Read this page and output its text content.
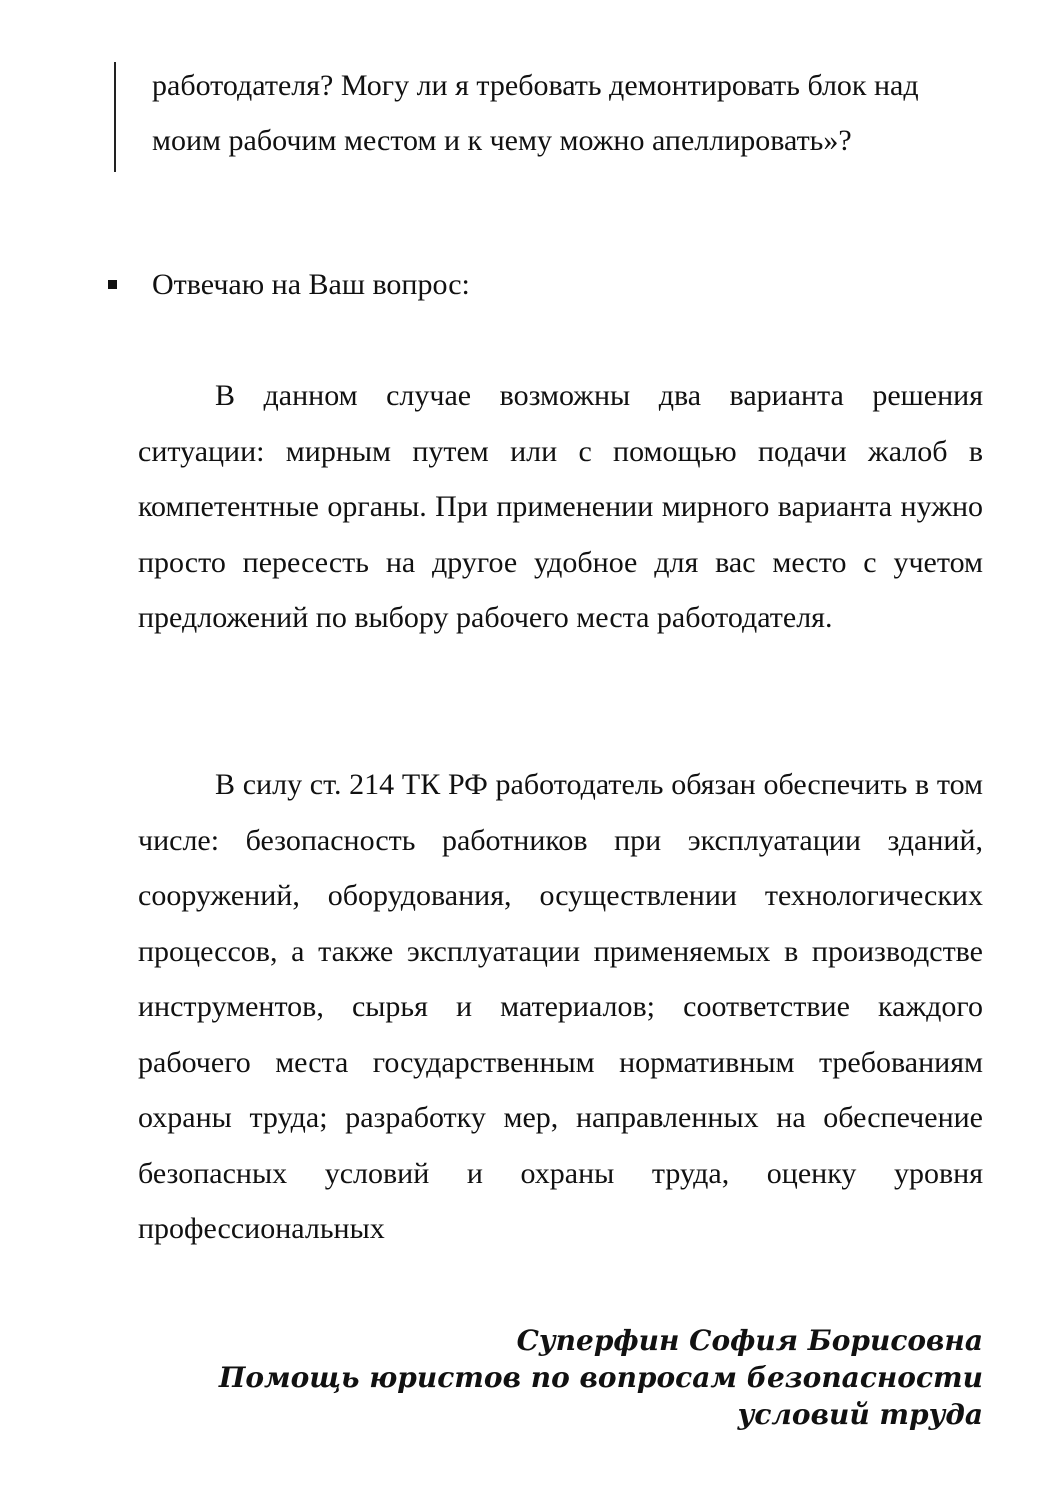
работодателя? Могу ли я требовать демонтировать блок над

моим рабочим местом и к чему можно апеллировать»?

Отвечаю на Ваш вопрос:

В данном случае возможны два варианта решения ситуации: мирным путем или с помощью подачи жалоб в компетентные органы. При применении мирного варианта нужно просто пересесть на другое удобное для вас место с учетом предложений по выбору рабочего места работодателя.

В силу ст. 214 ТК РФ работодатель обязан обеспечить в том числе: безопасность работников при эксплуатации зданий, сооружений, оборудования, осуществлении технологических процессов, а также эксплуатации применяемых в производстве инструментов, сырья и материалов; соответствие каждого рабочего места государственным нормативным требованиям охраны труда; разработку мер, направленных на обеспечение безопасных условий и охраны труда, оценку уровня профессиональных

Суперфин София Борисовна
Помощь юристов по вопросам безопасности
условий труда
